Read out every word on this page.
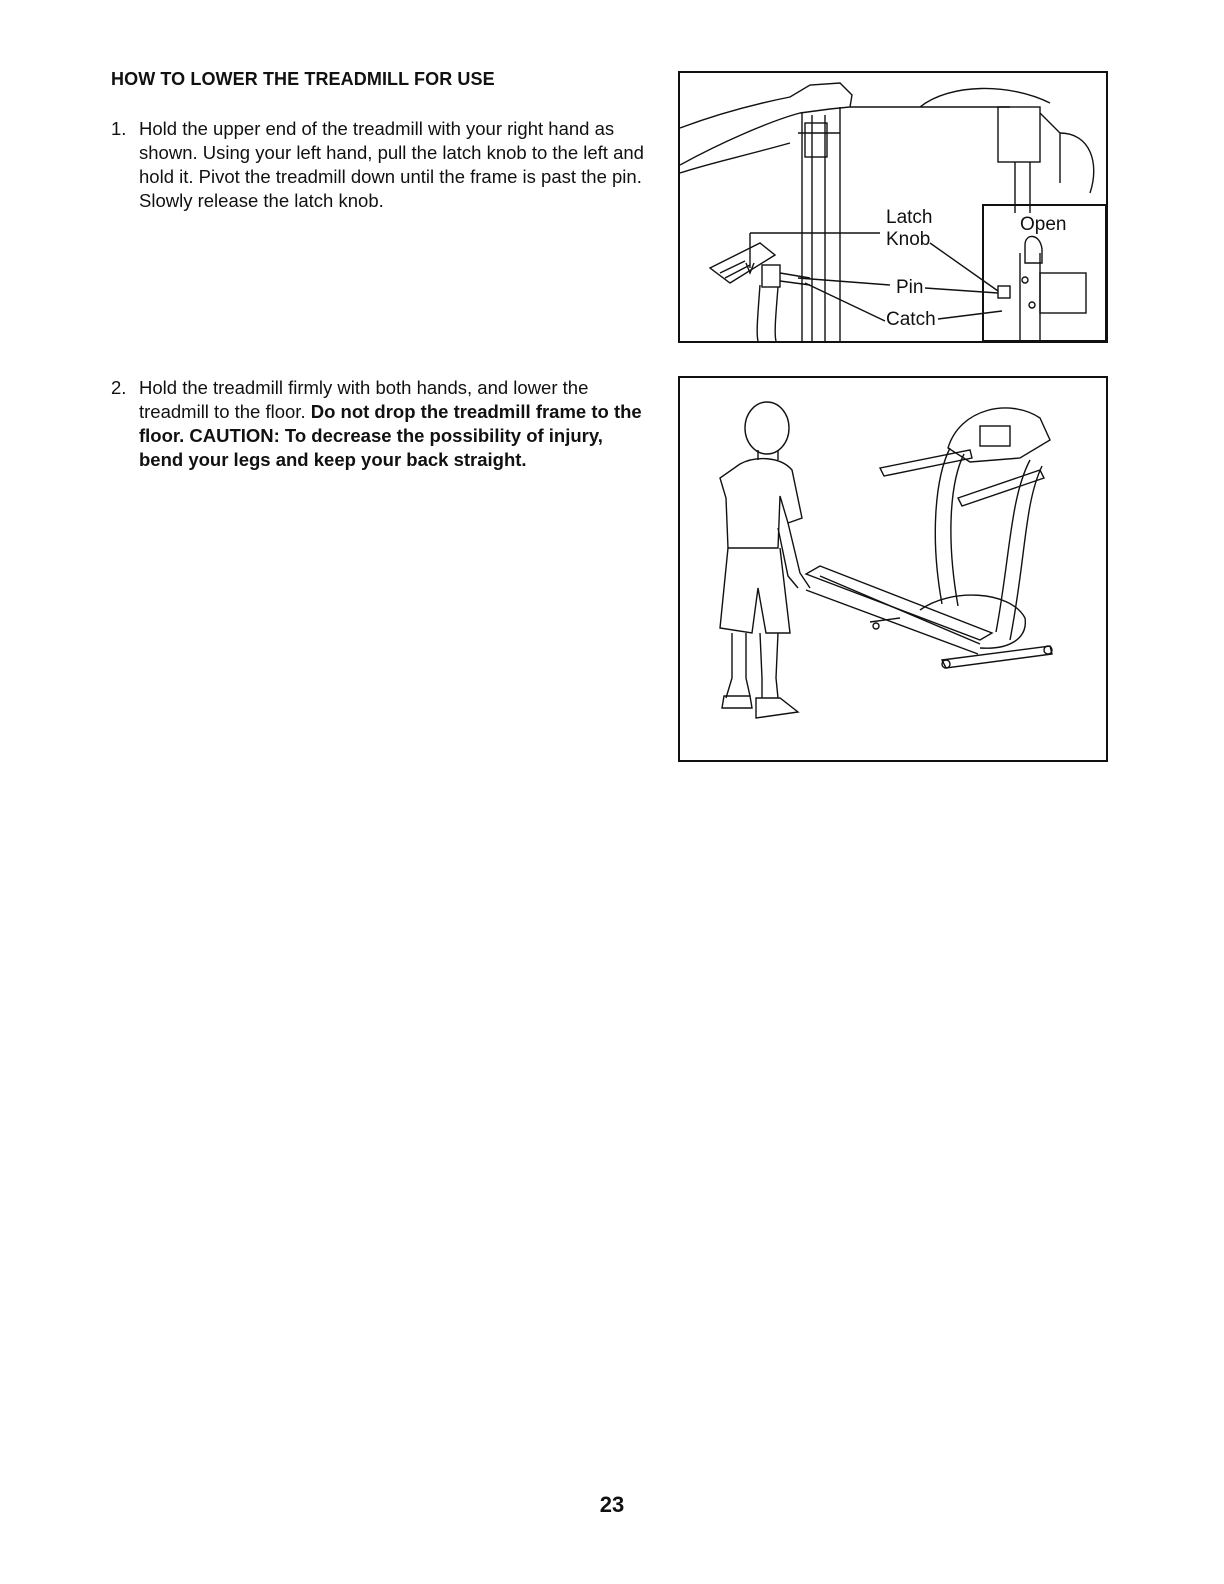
HOW TO LOWER THE TREADMILL FOR USE
1. Hold the upper end of the treadmill with your right hand as shown. Using your left hand, pull the latch knob to the left and hold it. Pivot the treadmill down until the frame is past the pin. Slowly release the latch knob.
2. Hold the treadmill firmly with both hands, and lower the treadmill to the floor. Do not drop the treadmill frame to the floor. CAUTION: To decrease the possibility of injury, bend your legs and keep your back straight.
Latch
Knob
Pin
Catch
Open
23
